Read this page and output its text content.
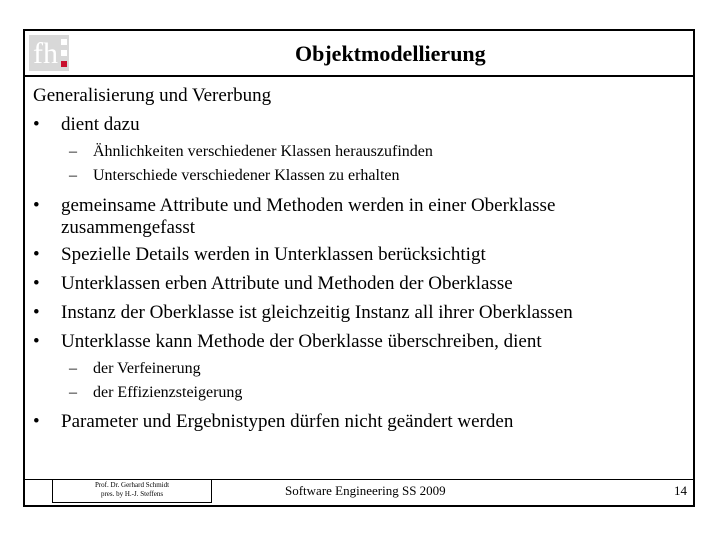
fh	Objektmodellierung
Generalisierung und Vererbung
•	dient dazu
– Ähnlichkeiten verschiedener Klassen herauszufinden
– Unterschiede verschiedener Klassen zu erhalten
•	gemeinsame Attribute und Methoden werden in einer Oberklasse
zusammengefasst
•	Spezielle Details werden in Unterklassen berücksichtigt
•	Unterklassen erben Attribute und Methoden der Oberklasse
•	Instanz der Oberklasse ist gleichzeitig Instanz all ihrer Oberklassen
•	Unterklasse kann Methode der Oberklasse überschreiben, dient
– der Verfeinerung
– der Effizienzsteigerung
•	Parameter und Ergebnistypen dürfen nicht geändert werden
Prof. Dr. Gerhard Schmidt
pres. by H.-J. Steffens	Software Engineering SS 2009	14
